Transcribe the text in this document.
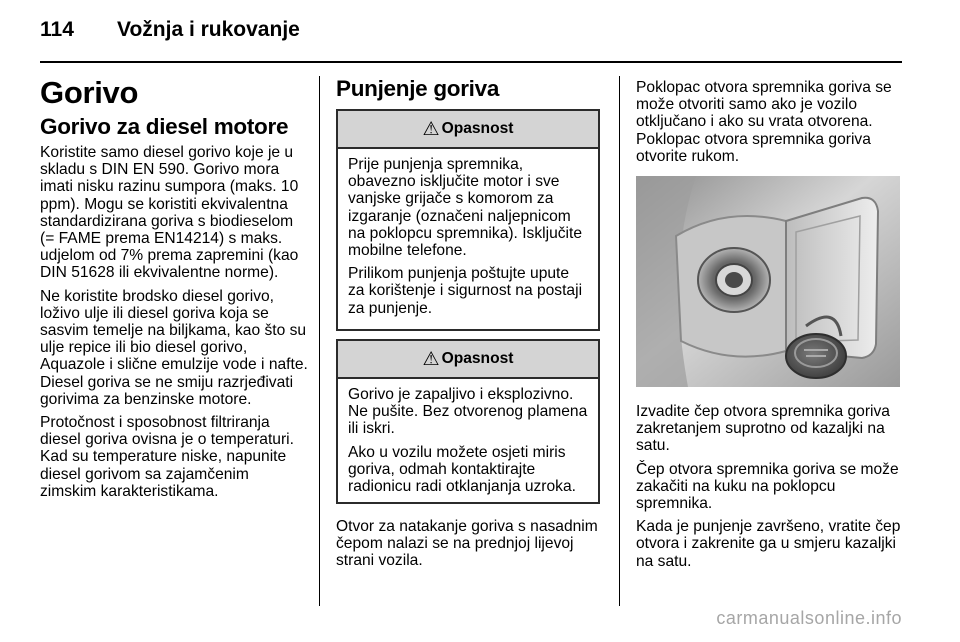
114 Vožnja i rukovanje
Gorivo
Gorivo za diesel motore

Koristite samo diesel gorivo koje je u skladu s DIN EN 590. Gorivo mora imati nisku razinu sumpora (maks. 10 ppm). Mogu se koristiti ekvivalentna standardizirana goriva s biodieselom (= FAME prema EN14214) s maks. udjelom od 7% prema zapremini (kao DIN 51628 ili ekvivalentne norme).

Ne koristite brodsko diesel gorivo, loživo ulje ili diesel goriva koja se sasvim temelje na biljkama, kao što su ulje repice ili bio diesel gorivo, Aquazole i slične emulzije vode i nafte. Diesel goriva se ne smiju razrjeđivati gorivima za benzinske motore.

Protočnost i sposobnost filtriranja diesel goriva ovisna je o temperaturi. Kad su temperature niske, napunite diesel gorivom sa zajamčenim zimskim karakteristikama.

Punjenje goriva
⚠ Opasnost

Prije punjenja spremnika, obavezno isključite motor i sve vanjske grijače s komorom za izgaranje (označeni naljepnicom na poklopcu spremnika). Isključite mobilne telefone.

Prilikom punjenja poštujte upute za korištenje i sigurnost na postaji za punjenje.

⚠ Opasnost

Gorivo je zapaljivo i eksplozivno. Ne pušite. Bez otvorenog plamena ili iskri.

Ako u vozilu možete osjeti miris goriva, odmah kontaktirajte radionicu radi otklanjanja uzroka.

Otvor za natakanje goriva s nasadnim čepom nalazi se na prednjoj lijevoj strani vozila.

Poklopac otvora spremnika goriva se može otvoriti samo ako je vozilo otključano i ako su vrata otvorena. Poklopac otvora spremnika goriva otvorite rukom.

Izvadite čep otvora spremnika goriva zakretanjem suprotno od kazaljki na satu.

Čep otvora spremnika goriva se može zakačiti na kuku na poklopcu spremnika.

Kada je punjenje završeno, vratite čep otvora i zakrenite ga u smjeru kazaljki na satu.

carmanualsonline.info
